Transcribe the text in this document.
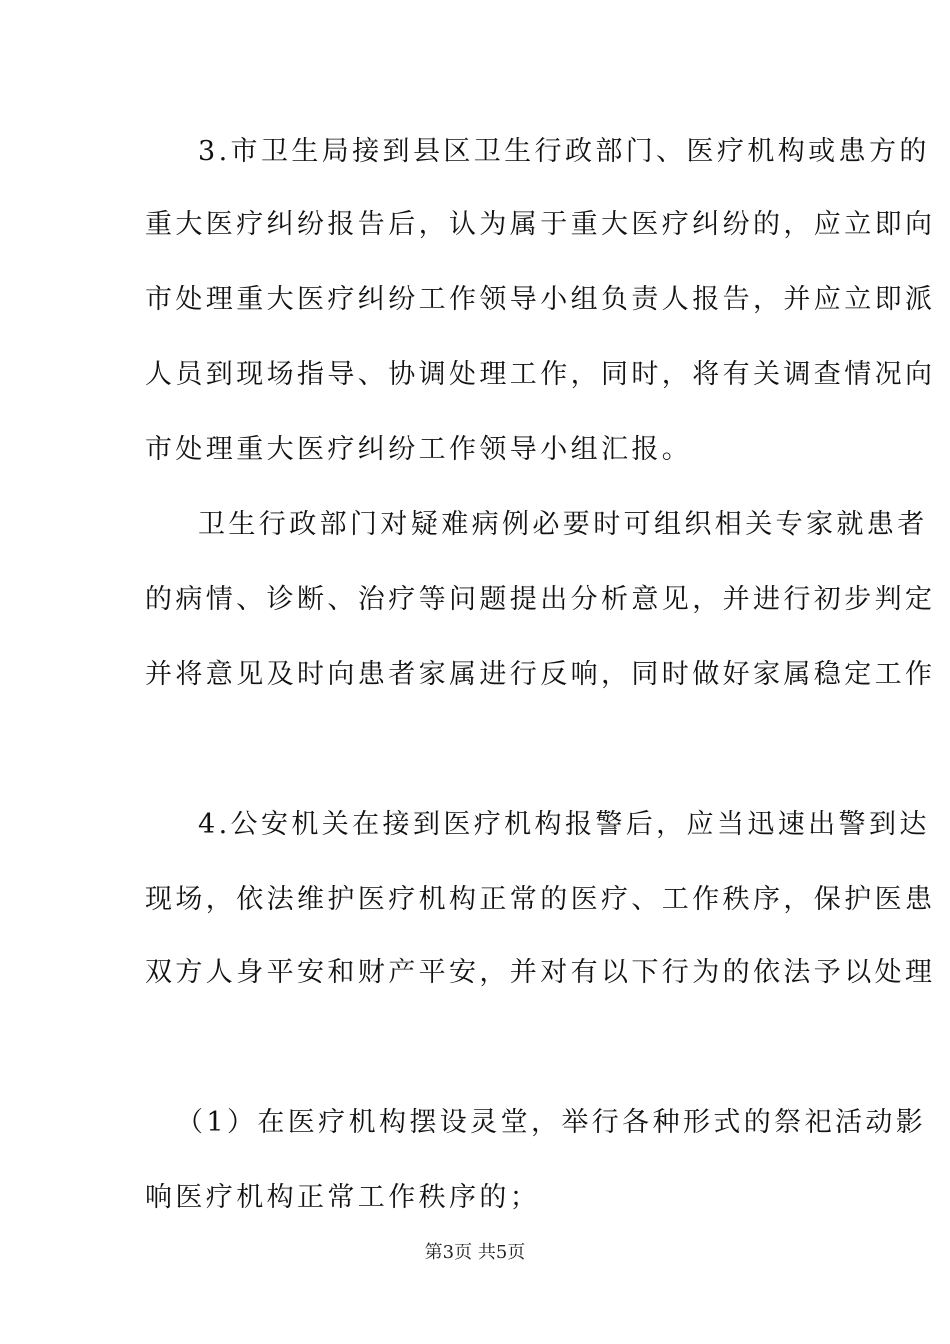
3.市卫生局接到县区卫生行政部门、医疗机构或患方的

重大医疗纠纷报告后，认为属于重大医疗纠纷的，应立即向

市处理重大医疗纠纷工作领导小组负责人报告，并应立即派

人员到现场指导、协调处理工作，同时，将有关调查情况向

市处理重大医疗纠纷工作领导小组汇报。

卫生行政部门对疑难病例必要时可组织相关专家就患者

的病情、诊断、治疗等问题提出分析意见，并进行初步判定

并将意见及时向患者家属进行反响，同时做好家属稳定工作

4.公安机关在接到医疗机构报警后，应当迅速出警到达

现场，依法维护医疗机构正常的医疗、工作秩序，保护医患

双方人身平安和财产平安，并对有以下行为的依法予以处理

（1）在医疗机构摆设灵堂，举行各种形式的祭祀活动影

响医疗机构正常工作秩序的；

第3页 共5页
